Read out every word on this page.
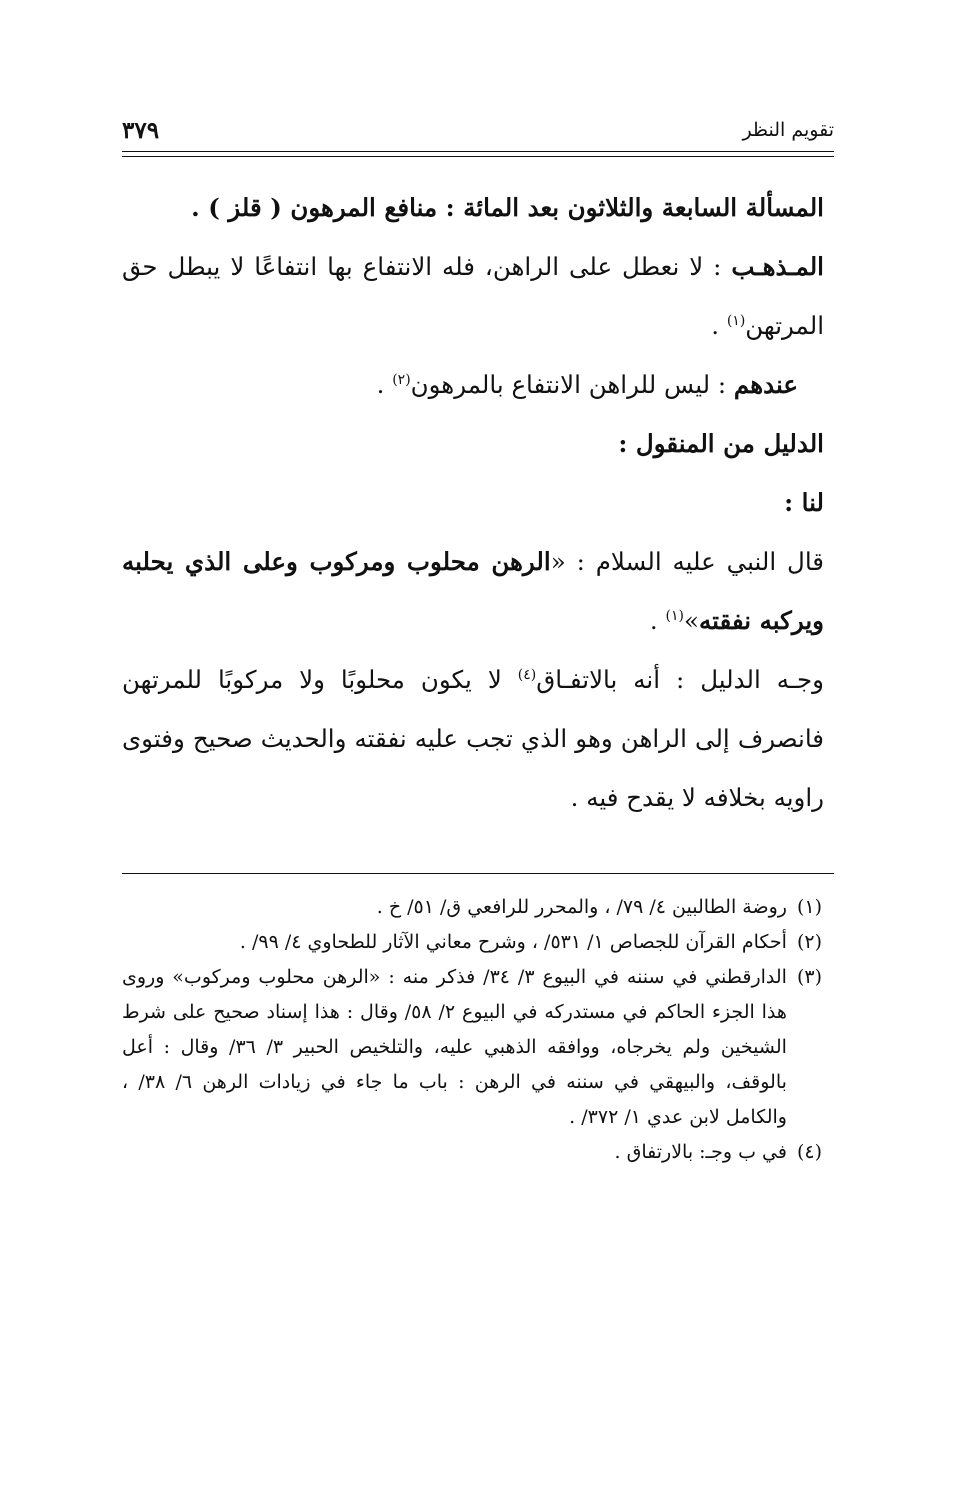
تقويم النظر
٣٧٩

المسألة السابعة والثلاثون بعد المائة : منافع المرهون ( قلز ) .

المـذهـب : لا نعطل على الراهن، فله الانتفاع بها انتفاعًا لا يبطل حق المرتهن$^{(١)}$ .

عندهم : ليس للراهن الانتفاع بالمرهون$^{(٢)}$ .

الدليل من المنقول :

لنا :

قال النبي عليه السلام : «الرهن محلوب ومركوب وعلى الذي يحلبه ويركبه نفقته»$^{(١)}$ .

وجـه الدليل : أنه بالاتفـاق$^{(٤)}$ لا يكون محلوبًا ولا مركوبًا للمرتهن فانصرف إلى الراهن وهو الذي تجب عليه نفقته والحديث صحيح وفتوى راويه بخلافه لا يقدح فيه .

(١)
روضة الطالبين ٤/ ٧٩/ ، والمحرر للرافعي ق/ ٥١/ خ .
(٢)
أحكام القرآن للجصاص ١/ ٥٣١/ ، وشرح معاني الآثار للطحاوي ٤/ ٩٩/ .
(٣)
الدارقطني في سننه في البيوع ٣/ ٣٤/ فذكر منه : «الرهن محلوب ومركوب» وروى هذا الجزء الحاكم في مستدركه في البيوع ٢/ ٥٨/ وقال : هذا إسناد صحيح على شرط الشيخين ولم يخرجاه، ووافقه الذهبي عليه، والتلخيص الحبير ٣/ ٣٦/ وقال : أعل بالوقف، والبيهقي في سننه في الرهن : باب ما جاء في زيادات الرهن ٦/ ٣٨/ ، والكامل لابن عدي ١/ ٣٧٢/ .
(٤)
في ب وجـ: بالارتفاق .
